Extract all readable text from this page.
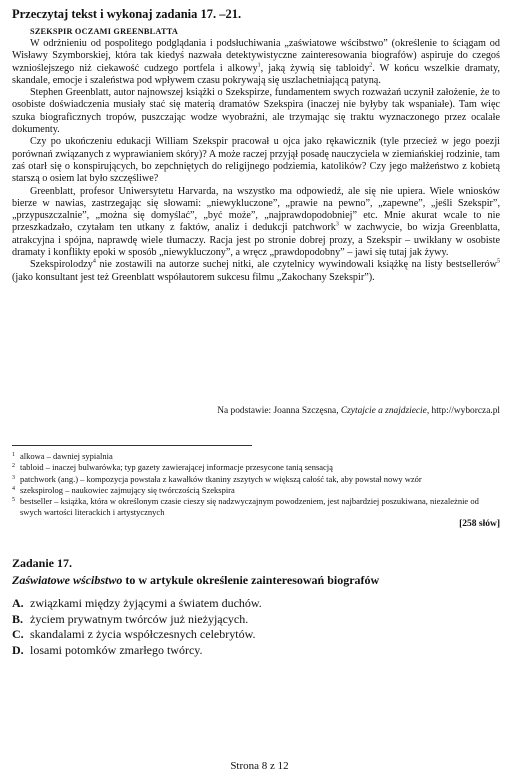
Przeczytaj tekst i wykonaj zadania 17. –21.
SZEKSPIR OCZAMI GREENBLATTA

W odrżnieniu od pospolitego podglądania i podsłuchiwania „zaświatowe wścibstwo” (określenie to ściągam od Wisławy Szymborskiej, która tak kiedyś nazwała detektywistyczne zainteresowania biografów) aspiruje do czegoś wznioślejszego niż ciekawość cudzego portfela i alkowy$^1$, jaką żywią się tabloidy$^2$. W końcu wszelkie dramaty, skandale, emocje i szaleństwa pod wpływem czasu pokrywają się uszlachetniającą patyną.

Stephen Greenblatt, autor najnowszej książki o Szekspirze, fundamentem swych rozważań uczynił założenie, że to osobiste doświadczenia musiały stać się materią dramatów Szekspira (inaczej nie byłyby tak wspaniałe). Tam więc szuka biograficznych tropów, puszczając wodze wyobraźni, ale trzymając się traktu wyznaczonego przez ocalałe dokumenty.

Czy po ukończeniu edukacji William Szekspir pracował u ojca jako rękawicznik (tyle przecież w jego poezji porównań związanych z wyprawianiem skóry)? A może raczej przyjął posadę nauczyciela w ziemiańskiej rodzinie, tam zaś otarł się o konspirujących, bo zepchniętych do religijnego podziemia, katolików? Czy jego małżeństwo z kobietą starszą o osiem lat było szczęśliwe?

Greenblatt, profesor Uniwersytetu Harvarda, na wszystko ma odpowiedź, ale się nie upiera. Wiele wniosków bierze w nawias, zastrzegając się słowami: „niewykluczone”, „prawie na pewno”, „zapewne”, „jeśli Szekspir”, „przypuszczalnie”, „można się domyślać”, „być może”, „najprawdopodobniej” etc. Mnie akurat wcale to nie przeszkadzało, czytałam ten utkany z faktów, analiz i dedukcji patchwork$^3$ w zachwycie, bo wizja Greenblatta, atrakcyjna i spójna, naprawdę wiele tłumaczy. Racja jest po stronie dobrej prozy, a Szekspir – uwikłany w osobiste dramaty i konflikty epoki w sposób „niewykluczony”, a wręcz „prawdopodobny” – jawi się tutaj jak żywy.

Szekspirolodzy$^4$ nie zostawili na autorze suchej nitki, ale czytelnicy wywindowali książkę na listy bestsellerów$^5$ (jako konsultant jest też Greenblatt współautorem sukcesu filmu „Zakochany Szekspir”).

Na podstawie: Joanna Szczęsna, Czytajcie a znajdziecie, http://wyborcza.pl
1 alkowa – dawniej sypialnia
2 tabloid – inaczej bulwarówka; typ gazety zawierającej informacje przesycone tanią sensacją
3 patchwork (ang.) – kompozycja powstała z kawałków tkaniny zszytych w większą całość tak, aby powstał nowy wzór
4 szekspirolog – naukowiec zajmujący się twórczością Szekspira
5 bestseller – książka, która w określonym czasie cieszy się nadzwyczajnym powodzeniem, jest najbardziej poszukiwana, niezależnie od swych wartości literackich i artystycznych
[258 słów]
Zadanie 17.
Zaświatowe wścibstwo to w artykule określenie zainteresowań biografów
A. związkami między żyjącymi a światem duchów.
B. życiem prywatnym twórców już nieżyjących.
C. skandalami z życia współczesnych celebrytów.
D. losami potomków zmarłego twórcy.
Strona 8 z 12
